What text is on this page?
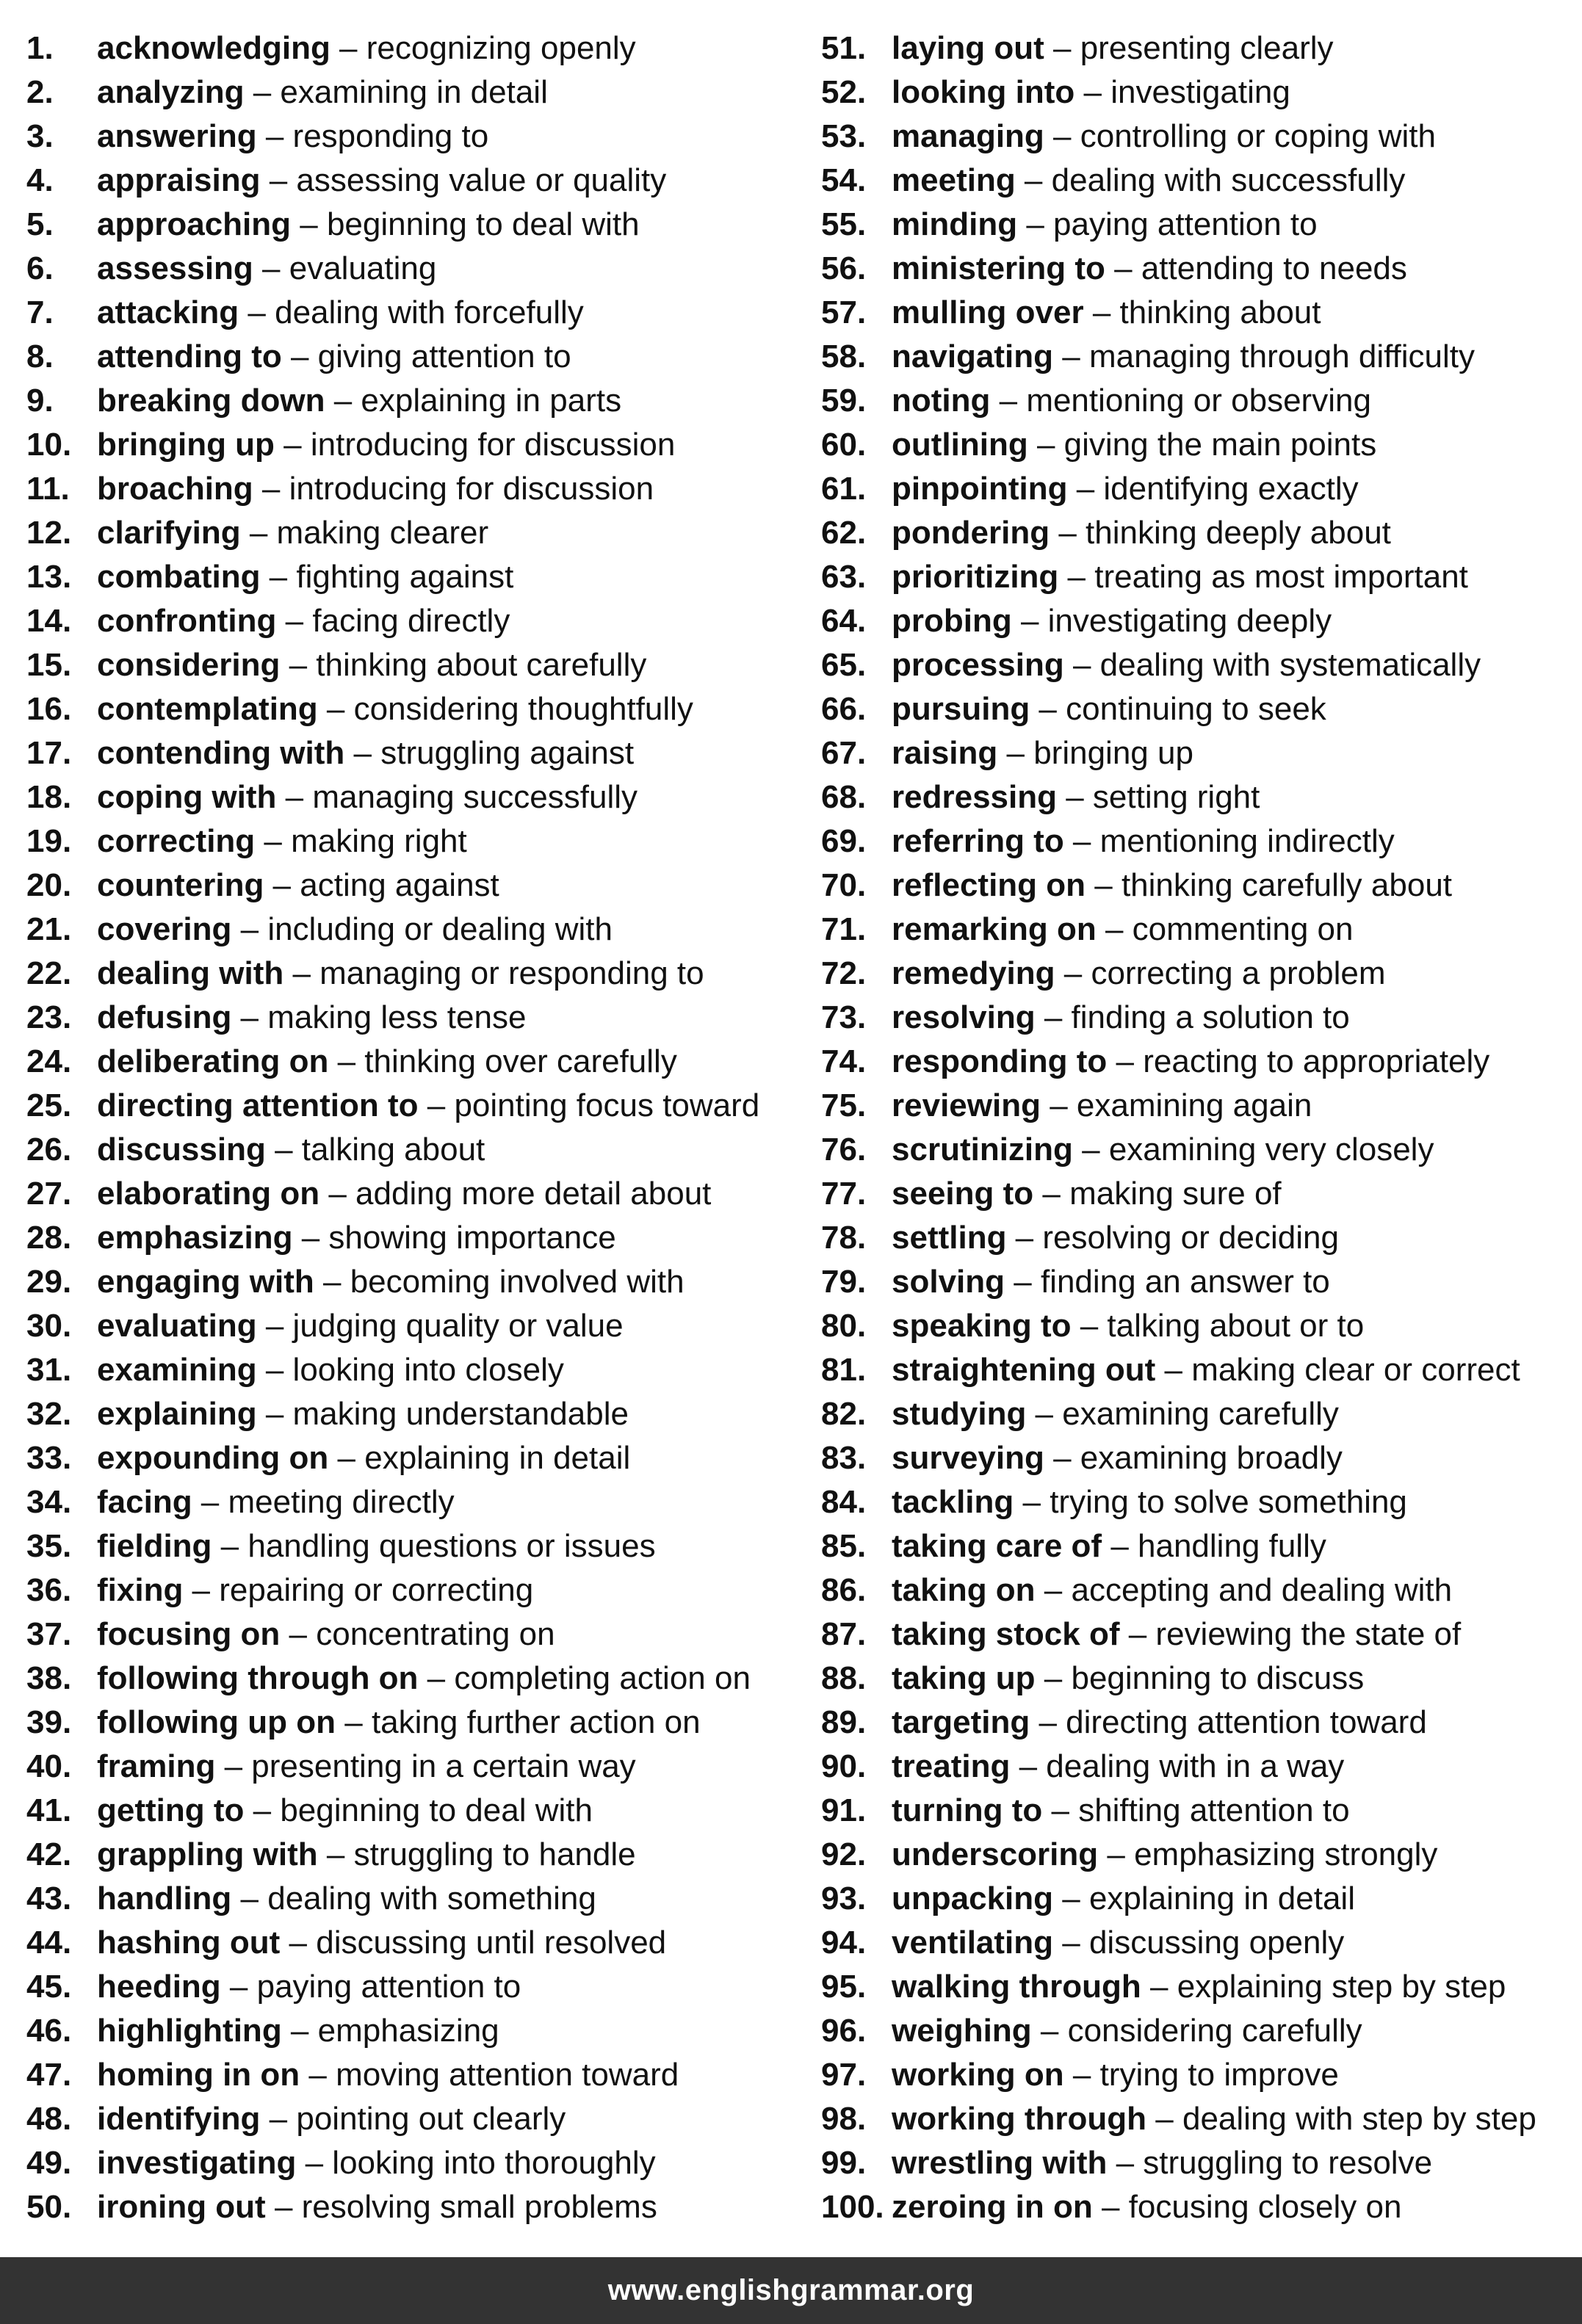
1.	acknowledging – recognizing openly
2.	analyzing – examining in detail
3.	answering – responding to
4.	appraising – assessing value or quality
5.	approaching – beginning to deal with
6.	assessing – evaluating
7.	attacking – dealing with forcefully
8.	attending to – giving attention to
9.	breaking down – explaining in parts
10. bringing up – introducing for discussion
11. broaching – introducing for discussion
12. clarifying – making clearer
13. combating – fighting against
14. confronting – facing directly
15. considering – thinking about carefully
16. contemplating – considering thoughtfully
17. contending with – struggling against
18. coping with – managing successfully
19. correcting – making right
20. countering – acting against
21. covering – including or dealing with
22. dealing with – managing or responding to
23. defusing – making less tense
24. deliberating on – thinking over carefully
25. directing attention to – pointing focus toward
26. discussing – talking about
27. elaborating on – adding more detail about
28. emphasizing – showing importance
29. engaging with – becoming involved with
30. evaluating – judging quality or value
31. examining – looking into closely
32. explaining – making understandable
33. expounding on – explaining in detail
34. facing – meeting directly
35. fielding – handling questions or issues
36. fixing – repairing or correcting
37. focusing on – concentrating on
38. following through on – completing action on
39. following up on – taking further action on
40. framing – presenting in a certain way
41. getting to – beginning to deal with
42. grappling with – struggling to handle
43. handling – dealing with something
44. hashing out – discussing until resolved
45. heeding – paying attention to
46. highlighting – emphasizing
47. homing in on – moving attention toward
48. identifying – pointing out clearly
49. investigating – looking into thoroughly
50. ironing out – resolving small problems
51. laying out – presenting clearly
52. looking into – investigating
53. managing – controlling or coping with
54. meeting – dealing with successfully
55. minding – paying attention to
56. ministering to – attending to needs
57. mulling over – thinking about
58. navigating – managing through difficulty
59. noting – mentioning or observing
60. outlining – giving the main points
61. pinpointing – identifying exactly
62. pondering – thinking deeply about
63. prioritizing – treating as most important
64. probing – investigating deeply
65. processing – dealing with systematically
66. pursuing – continuing to seek
67. raising – bringing up
68. redressing – setting right
69. referring to – mentioning indirectly
70. reflecting on – thinking carefully about
71. remarking on – commenting on
72. remedying – correcting a problem
73. resolving – finding a solution to
74. responding to – reacting to appropriately
75. reviewing – examining again
76. scrutinizing – examining very closely
77. seeing to – making sure of
78. settling – resolving or deciding
79. solving – finding an answer to
80. speaking to – talking about or to
81. straightening out – making clear or correct
82. studying – examining carefully
83. surveying – examining broadly
84. tackling – trying to solve something
85. taking care of – handling fully
86. taking on – accepting and dealing with
87. taking stock of – reviewing the state of
88. taking up – beginning to discuss
89. targeting – directing attention toward
90. treating – dealing with in a way
91. turning to – shifting attention to
92. underscoring – emphasizing strongly
93. unpacking – explaining in detail
94. ventilating – discussing openly
95. walking through – explaining step by step
96. weighing – considering carefully
97. working on – trying to improve
98. working through – dealing with step by step
99. wrestling with – struggling to resolve
100. zeroing in on – focusing closely on
www.englishgrammar.org
